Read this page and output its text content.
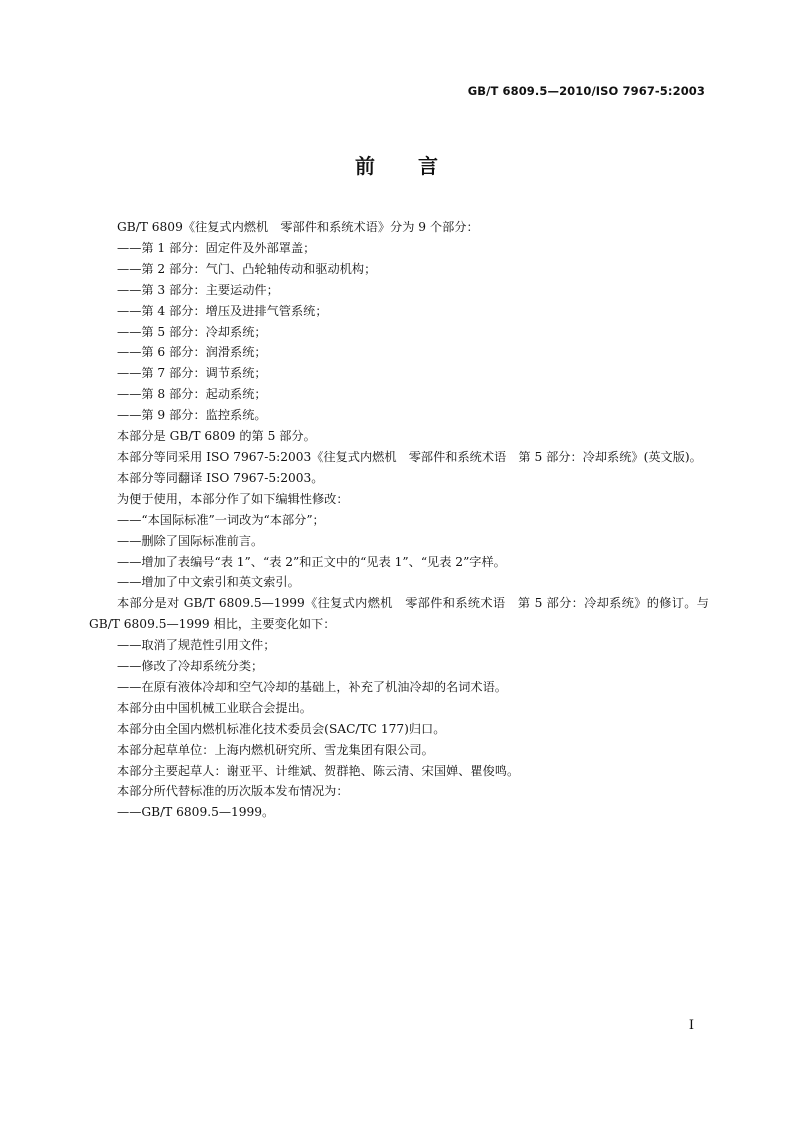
GB/T 6809.5—2010/ISO 7967-5:2003
前　　言

GB/T 6809《往复式内燃机　零部件和系统术语》分为 9 个部分：

——第 1 部分：固定件及外部罩盖；

——第 2 部分：气门、凸轮轴传动和驱动机构；

——第 3 部分：主要运动件；

——第 4 部分：增压及进排气管系统；

——第 5 部分：冷却系统；

——第 6 部分：润滑系统；

——第 7 部分：调节系统；

——第 8 部分：起动系统；

——第 9 部分：监控系统。

本部分是 GB/T 6809 的第 5 部分。

本部分等同采用 ISO 7967-5:2003《往复式内燃机　零部件和系统术语　第 5 部分：冷却系统》(英文版)。

本部分等同翻译 ISO 7967-5:2003。

为便于使用，本部分作了如下编辑性修改：

——“本国际标准”一词改为“本部分”；

——删除了国际标准前言。

——增加了表编号“表 1”、“表 2”和正文中的“见表 1”、“见表 2”字样。

——增加了中文索引和英文索引。

本部分是对 GB/T 6809.5—1999《往复式内燃机　零部件和系统术语　第 5 部分：冷却系统》的修订。与 GB/T 6809.5—1999 相比，主要变化如下：

——取消了规范性引用文件；

——修改了冷却系统分类；

——在原有液体冷却和空气冷却的基础上，补充了机油冷却的名词术语。

本部分由中国机械工业联合会提出。

本部分由全国内燃机标准化技术委员会(SAC/TC 177)归口。

本部分起草单位：上海内燃机研究所、雪龙集团有限公司。

本部分主要起草人：谢亚平、计维斌、贺群艳、陈云清、宋国婵、瞿俊鸣。

本部分所代替标准的历次版本发布情况为：

——GB/T 6809.5—1999。

I
